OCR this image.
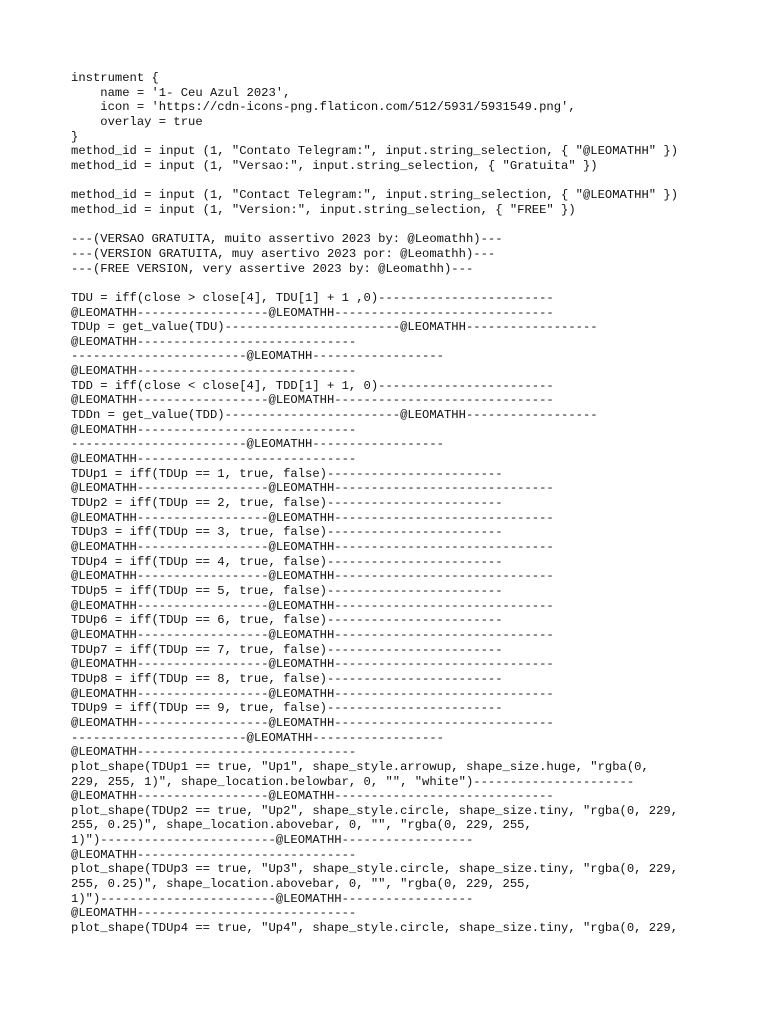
instrument {
name = '1- Ceu Azul 2023',
icon = 'https://cdn-icons-png.flaticon.com/512/5931/5931549.png',
overlay = true
}
method_id = input (1, "Contato Telegram:", input.string_selection, { "@LEOMATHH" })
method_id = input (1, "Versao:", input.string_selection, { "Gratuita" })
method_id = input (1, "Contact Telegram:", input.string_selection, { "@LEOMATHH" })
method_id = input (1, "Version:", input.string_selection, { "FREE" })
---(VERSAO GRATUITA, muito assertivo 2023 by: @Leomathh)---
---(VERSION GRATUITA, muy asertivo 2023 por: @Leomathh)---
---(FREE VERSION, very assertive 2023 by: @Leomathh)---
TDU = iff(close > close[4], TDU[1] + 1 ,0)------------------------
@LEOMATHH------------------@LEOMATHH------------------------------
TDUp = get_value(TDU)------------------------@LEOMATHH------------------
@LEOMATHH------------------------------
------------------------@LEOMATHH------------------
@LEOMATHH------------------------------
TDD = iff(close < close[4], TDD[1] + 1, 0)------------------------
@LEOMATHH------------------@LEOMATHH------------------------------
TDDn = get_value(TDD)------------------------@LEOMATHH------------------
@LEOMATHH------------------------------
------------------------@LEOMATHH------------------
@LEOMATHH------------------------------
TDUp1 = iff(TDUp == 1, true, false)------------------------
@LEOMATHH------------------@LEOMATHH------------------------------
TDUp2 = iff(TDUp == 2, true, false)------------------------
@LEOMATHH------------------@LEOMATHH------------------------------
TDUp3 = iff(TDUp == 3, true, false)------------------------
@LEOMATHH------------------@LEOMATHH------------------------------
TDUp4 = iff(TDUp == 4, true, false)------------------------
@LEOMATHH------------------@LEOMATHH------------------------------
TDUp5 = iff(TDUp == 5, true, false)------------------------
@LEOMATHH------------------@LEOMATHH------------------------------
TDUp6 = iff(TDUp == 6, true, false)------------------------
@LEOMATHH------------------@LEOMATHH------------------------------
TDUp7 = iff(TDUp == 7, true, false)------------------------
@LEOMATHH------------------@LEOMATHH------------------------------
TDUp8 = iff(TDUp == 8, true, false)------------------------
@LEOMATHH------------------@LEOMATHH------------------------------
TDUp9 = iff(TDUp == 9, true, false)------------------------
@LEOMATHH------------------@LEOMATHH------------------------------
------------------------@LEOMATHH------------------
@LEOMATHH------------------------------
plot_shape(TDUp1 == true, "Up1", shape_style.arrowup, shape_size.huge, "rgba(0,
229, 255, 1)", shape_location.belowbar, 0, "", "white")----------------------
@LEOMATHH------------------@LEOMATHH------------------------------
plot_shape(TDUp2 == true, "Up2", shape_style.circle, shape_size.tiny, "rgba(0, 229,
255, 0.25)", shape_location.abovebar, 0, "", "rgba(0, 229, 255,
1)")------------------------@LEOMATHH------------------
@LEOMATHH------------------------------
plot_shape(TDUp3 == true, "Up3", shape_style.circle, shape_size.tiny, "rgba(0, 229,
255, 0.25)", shape_location.abovebar, 0, "", "rgba(0, 229, 255,
1)")------------------------@LEOMATHH------------------
@LEOMATHH------------------------------
plot_shape(TDUp4 == true, "Up4", shape_style.circle, shape_size.tiny, "rgba(0, 229,
